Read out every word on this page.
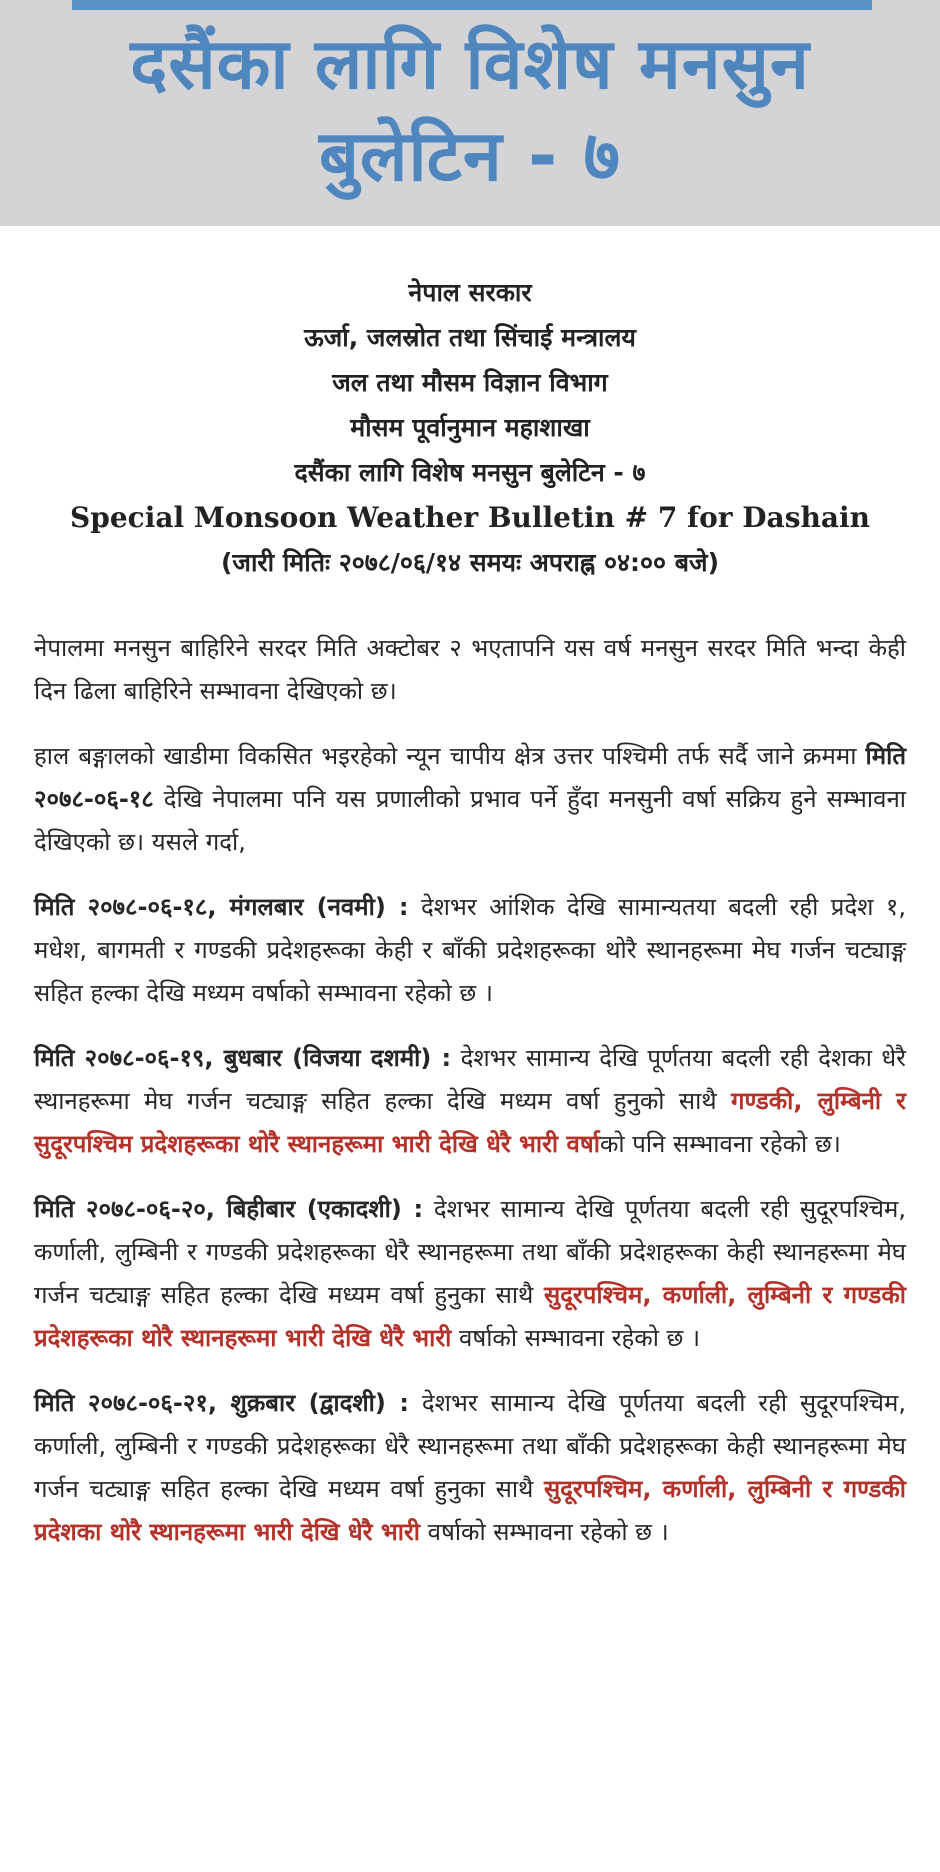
दसैंका लागि विशेष मनसुन
बुलेटिन - ७
नेपाल सरकार
ऊर्जा, जलस्रोत तथा सिंचाई मन्त्रालय
जल तथा मौसम विज्ञान विभाग
मौसम पूर्वानुमान महाशाखा
दसैंका लागि विशेष मनसुन बुलेटिन - ७
Special Monsoon Weather Bulletin # 7 for Dashain
(जारी मितिः २०७८/०६/१४ समयः अपराह्न ०४:०० बजे)

नेपालमा मनसुन बाहिरिने सरदर मिति अक्टोबर २ भएतापनि यस वर्ष मनसुन सरदर मिति भन्दा केही दिन ढिला बाहिरिने सम्भावना देखिएको छ।

हाल बङ्गालको खाडीमा विकसित भइरहेको न्यून चापीय क्षेत्र उत्तर पश्चिमी तर्फ सर्दै जाने क्रममा मिति २०७८-०६-१८ देखि नेपालमा पनि यस प्रणालीको प्रभाव पर्ने हुँदा मनसुनी वर्षा सक्रिय हुने सम्भावना देखिएको छ। यसले गर्दा,

मिति २०७८-०६-१८, मंगलबार (नवमी) : देशभर आंशिक देखि सामान्यतया बदली रही प्रदेश १, मधेश, बागमती र गण्डकी प्रदेशहरूका केही र बाँकी प्रदेशहरूका थोरै स्थानहरूमा मेघ गर्जन चट्याङ्ग सहित हल्का देखि मध्यम वर्षाको सम्भावना रहेको छ ।

मिति २०७८-०६-१९, बुधबार (विजया दशमी) : देशभर सामान्य देखि पूर्णतया बदली रही देशका धेरै स्थानहरूमा मेघ गर्जन चट्याङ्ग सहित हल्का देखि मध्यम वर्षा हुनुको साथै गण्डकी, लुम्बिनी र सुदूरपश्चिम प्रदेशहरूका थोरै स्थानहरूमा भारी देखि धेरै भारी वर्षाको पनि सम्भावना रहेको छ।

मिति २०७८-०६-२०, बिहीबार (एकादशी) : देशभर सामान्य देखि पूर्णतया बदली रही सुदूरपश्चिम, कर्णाली, लुम्बिनी र गण्डकी प्रदेशहरूका धेरै स्थानहरूमा तथा बाँकी प्रदेशहरूका केही स्थानहरूमा मेघ गर्जन चट्याङ्ग सहित हल्का देखि मध्यम वर्षा हुनुका साथै सुदूरपश्चिम, कर्णाली, लुम्बिनी र गण्डकी प्रदेशहरूका थोरै स्थानहरूमा भारी देखि धेरै भारी वर्षाको सम्भावना रहेको छ ।

मिति २०७८-०६-२१, शुक्रबार (द्वादशी) : देशभर सामान्य देखि पूर्णतया बदली रही सुदूरपश्चिम, कर्णाली, लुम्बिनी र गण्डकी प्रदेशहरूका धेरै स्थानहरूमा तथा बाँकी प्रदेशहरूका केही स्थानहरूमा मेघ गर्जन चट्याङ्ग सहित हल्का देखि मध्यम वर्षा हुनुका साथै सुदूरपश्चिम, कर्णाली, लुम्बिनी र गण्डकी प्रदेशका थोरै स्थानहरूमा भारी देखि धेरै भारी वर्षाको सम्भावना रहेको छ ।
